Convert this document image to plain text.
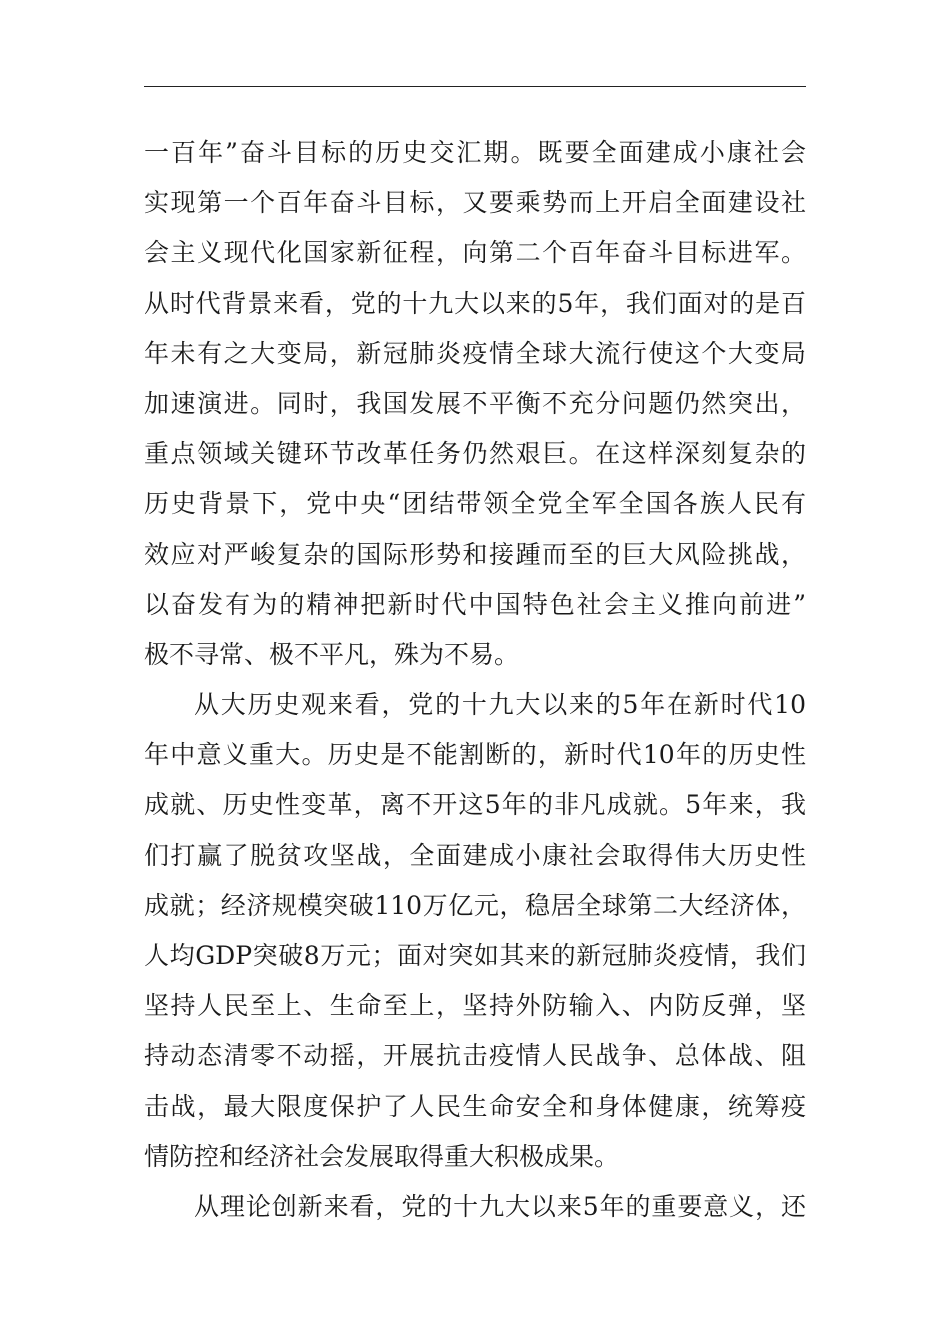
一百年”奋斗目标的历史交汇期。既要全面建成小康社会
实现第一个百年奋斗目标，又要乘势而上开启全面建设社
会主义现代化国家新征程，向第二个百年奋斗目标进军。
从时代背景来看，党的十九大以来的5年，我们面对的是百
年未有之大变局，新冠肺炎疫情全球大流行使这个大变局
加速演进。同时，我国发展不平衡不充分问题仍然突出，
重点领域关键环节改革任务仍然艰巨。在这样深刻复杂的
历史背景下，党中央“团结带领全党全军全国各族人民有
效应对严峻复杂的国际形势和接踵而至的巨大风险挑战，
以奋发有为的精神把新时代中国特色社会主义推向前进”
极不寻常、极不平凡，殊为不易。
从大历史观来看，党的十九大以来的5年在新时代10
年中意义重大。历史是不能割断的，新时代10年的历史性
成就、历史性变革，离不开这5年的非凡成就。5年来，我
们打赢了脱贫攻坚战，全面建成小康社会取得伟大历史性
成就；经济规模突破110万亿元，稳居全球第二大经济体，
人均GDP突破8万元；面对突如其来的新冠肺炎疫情，我们
坚持人民至上、生命至上，坚持外防输入、内防反弹，坚
持动态清零不动摇，开展抗击疫情人民战争、总体战、阻
击战，最大限度保护了人民生命安全和身体健康，统筹疫
情防控和经济社会发展取得重大积极成果。
从理论创新来看，党的十九大以来5年的重要意义，还
